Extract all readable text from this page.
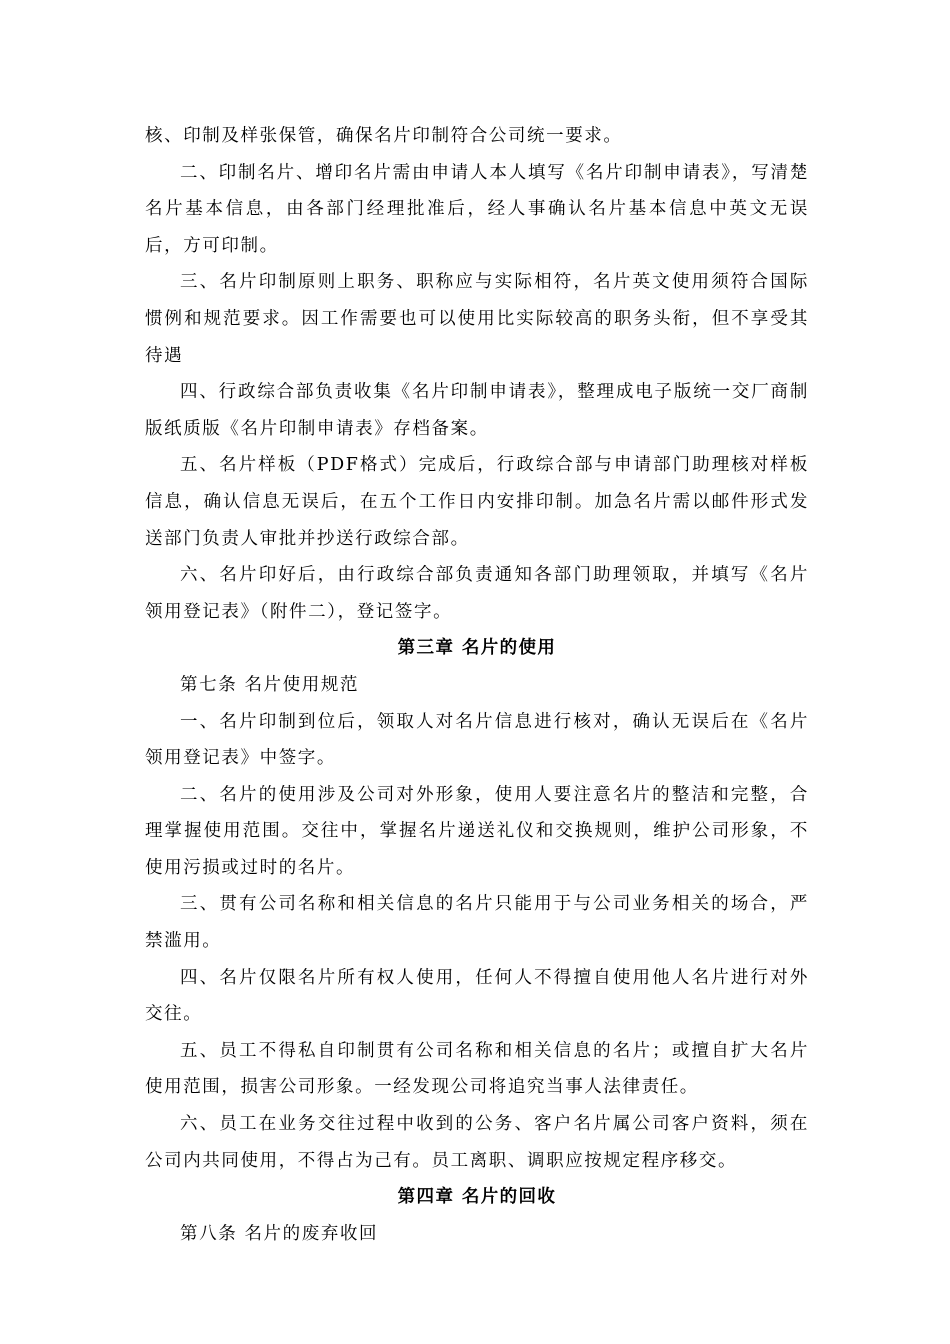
核、印制及样张保管，确保名片印制符合公司统一要求。

二、印制名片、增印名片需由申请人本人填写《名片印制申请表》，写清楚名片基本信息，由各部门经理批准后，经人事确认名片基本信息中英文无误后，方可印制。

三、名片印制原则上职务、职称应与实际相符，名片英文使用须符合国际惯例和规范要求。因工作需要也可以使用比实际较高的职务头衔，但不享受其待遇

四、行政综合部负责收集《名片印制申请表》，整理成电子版统一交厂商制版纸质版《名片印制申请表》存档备案。

五、名片样板（PDF格式）完成后，行政综合部与申请部门助理核对样板信息，确认信息无误后，在五个工作日内安排印制。加急名片需以邮件形式发送部门负责人审批并抄送行政综合部。

六、名片印好后，由行政综合部负责通知各部门助理领取，并填写《名片领用登记表》（附件二），登记签字。

第三章 名片的使用

第七条 名片使用规范

一、名片印制到位后，领取人对名片信息进行核对，确认无误后在《名片领用登记表》中签字。

二、名片的使用涉及公司对外形象，使用人要注意名片的整洁和完整，合理掌握使用范围。交往中，掌握名片递送礼仪和交换规则，维护公司形象，不使用污损或过时的名片。

三、贯有公司名称和相关信息的名片只能用于与公司业务相关的场合，严禁滥用。

四、名片仅限名片所有权人使用，任何人不得擅自使用他人名片进行对外交往。

五、员工不得私自印制贯有公司名称和相关信息的名片；或擅自扩大名片使用范围，损害公司形象。一经发现公司将追究当事人法律责任。

六、员工在业务交往过程中收到的公务、客户名片属公司客户资料，须在公司内共同使用，不得占为己有。员工离职、调职应按规定程序移交。

第四章 名片的回收

第八条 名片的废弃收回
